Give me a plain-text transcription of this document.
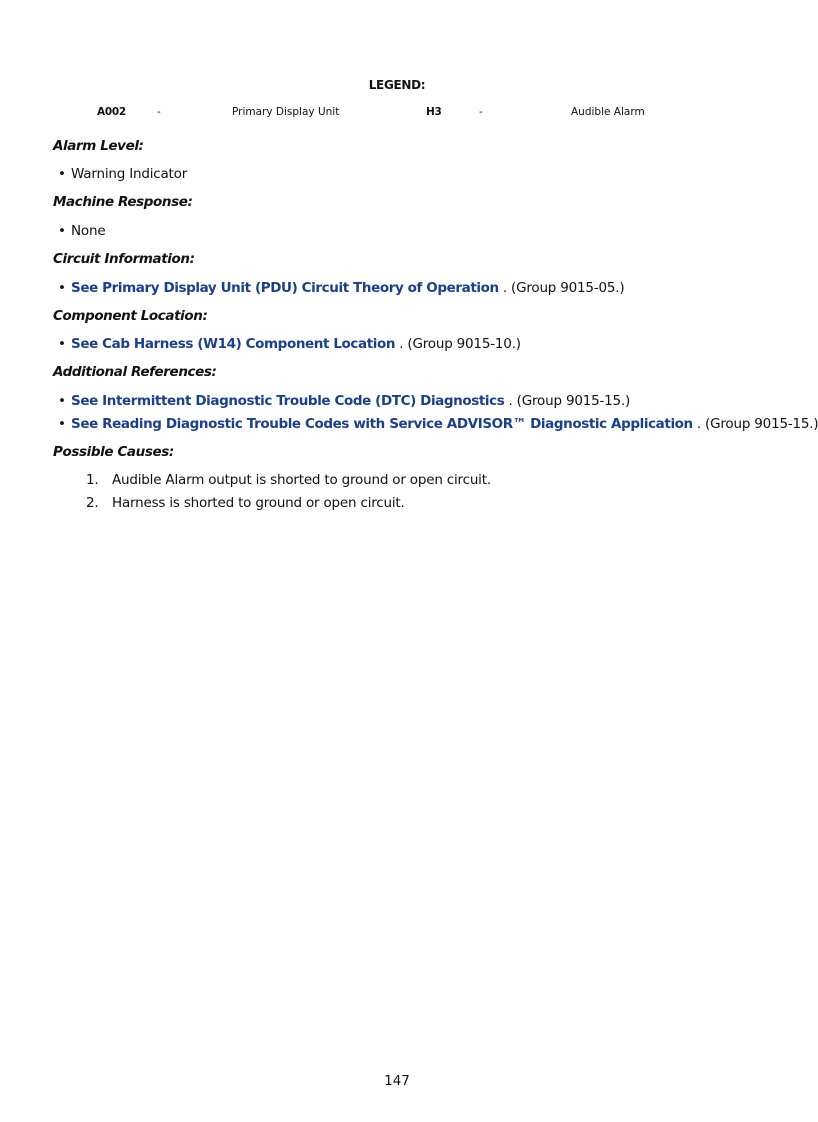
LEGEND:
A002	-	Primary Display Unit	H3	-	Audible Alarm
Alarm Level:
• Warning Indicator
Machine Response:
• None
Circuit Information:
• See Primary Display Unit (PDU) Circuit Theory of Operation . (Group 9015-05.)
Component Location:
• See Cab Harness (W14) Component Location . (Group 9015-10.)
Additional References:
• See Intermittent Diagnostic Trouble Code (DTC) Diagnostics . (Group 9015-15.)
• See Reading Diagnostic Trouble Codes with Service ADVISOR™ Diagnostic Application . (Group 9015-15.)
Possible Causes:
1. Audible Alarm output is shorted to ground or open circuit.
2. Harness is shorted to ground or open circuit.
147
